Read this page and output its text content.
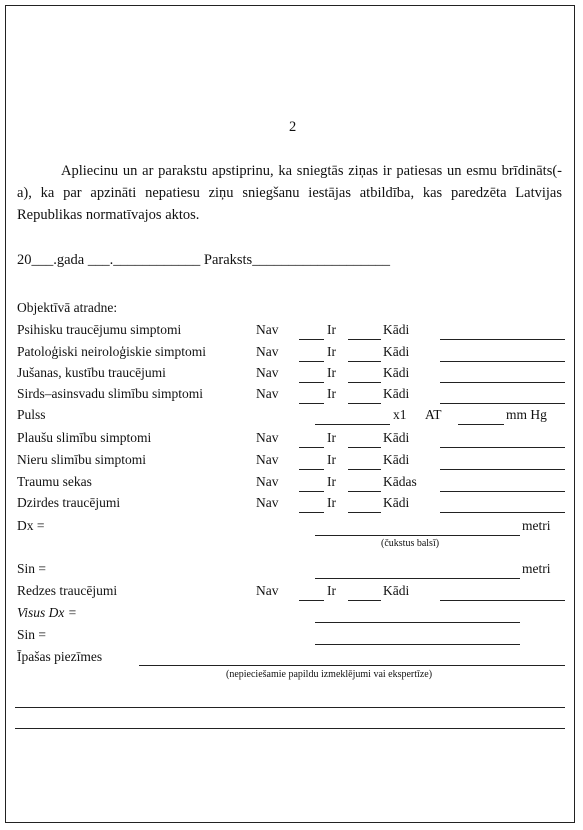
2
Apliecinu un ar parakstu apstiprinu, ka sniegtās ziņas ir patiesas un esmu brīdināts(-a), ka par apzināti nepatiesu ziņu sniegšanu iestājas atbildība, kas paredzēta Latvijas Republikas normatīvajos aktos.
20___.gada ___.____________ Paraksts___________________
Objektīvā atradne:
Psihisku traucējumu simptomi	Nav	Ir	Kādi
Patoloģiski neiroloģiskie simptomi	Nav	Ir	Kādi
Jušanas, kustību traucējumi	Nav	Ir	Kādi
Sirds–asinsvadu slimību simptomi	Nav	Ir	Kādi
Pulss	x1 AT	mm Hg
Plaušu slimību simptomi	Nav	Ir	Kādi
Nieru slimību simptomi	Nav	Ir	Kādi
Traumu sekas	Nav	Ir	Kādas
Dzirdes traucējumi	Nav	Ir	Kādi
Dx =	metri
(čukstus balsī)
Sin =	metri
Redzes traucējumi	Nav	Ir	Kādi
Visus Dx =
Sin =
Īpašas piezīmes
(nepieciešamie papildu izmeklējumi vai ekspertīze)
